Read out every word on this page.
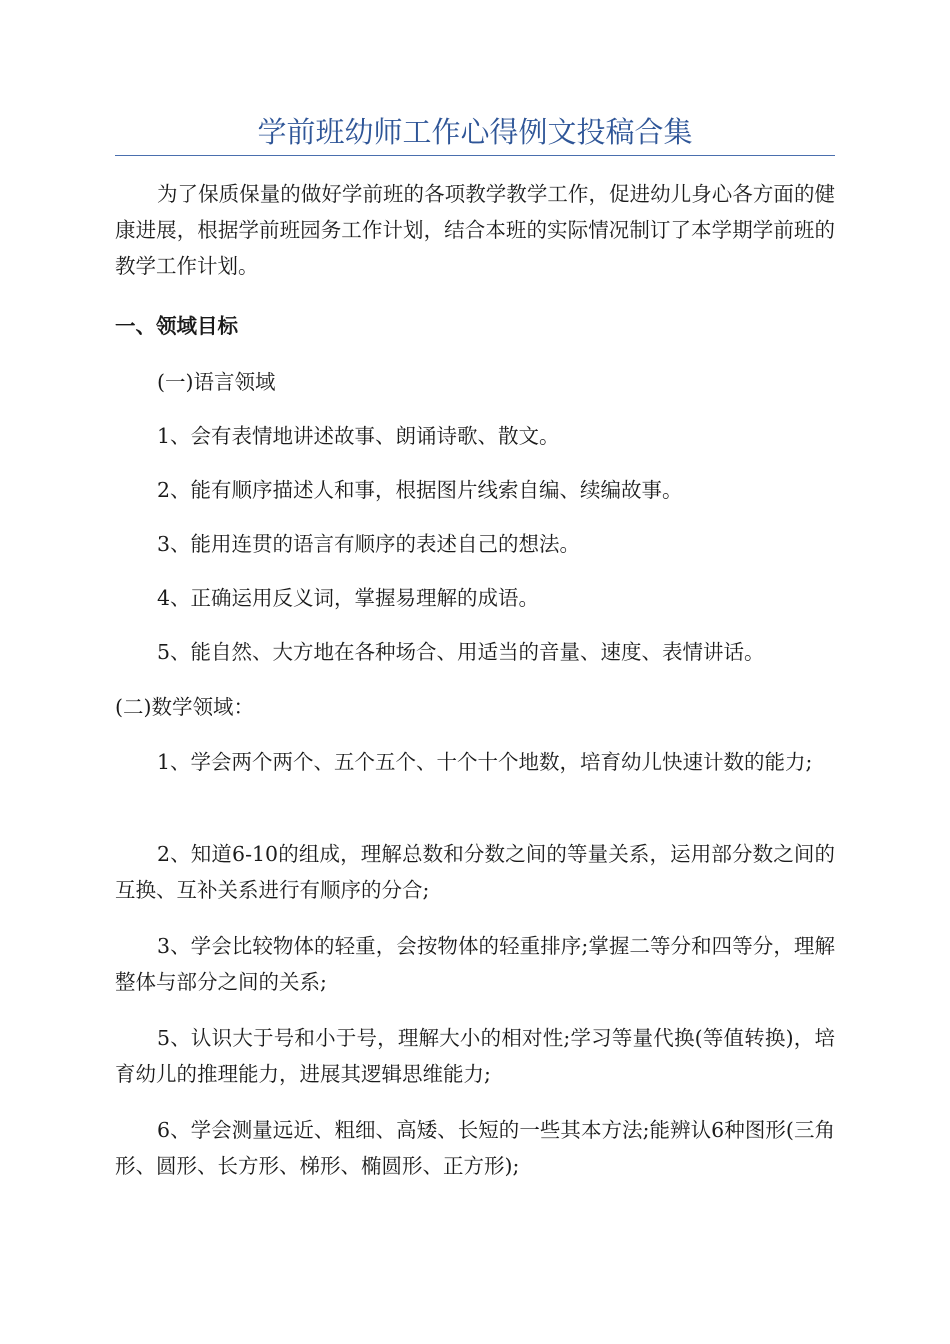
学前班幼师工作心得例文投稿合集

为了保质保量的做好学前班的各项教学教学工作，促进幼儿身心各方面的健康进展，根据学前班园务工作计划，结合本班的实际情况制订了本学期学前班的教学工作计划。

一、领域目标

(一)语言领域

1、会有表情地讲述故事、朗诵诗歌、散文。

2、能有顺序描述人和事，根据图片线索自编、续编故事。

3、能用连贯的语言有顺序的表述自己的想法。

4、正确运用反义词，掌握易理解的成语。

5、能自然、大方地在各种场合、用适当的音量、速度、表情讲话。

(二)数学领域：

1、学会两个两个、五个五个、十个十个地数，培育幼儿快速计数的能力;

2、知道6-10的组成，理解总数和分数之间的等量关系，运用部分数之间的互换、互补关系进行有顺序的分合;

3、学会比较物体的轻重，会按物体的轻重排序;掌握二等分和四等分，理解整体与部分之间的关系;

5、认识大于号和小于号，理解大小的相对性;学习等量代换(等值转换)，培育幼儿的推理能力，进展其逻辑思维能力;

6、学会测量远近、粗细、高矮、长短的一些其本方法;能辨认6种图形(三角形、圆形、长方形、梯形、椭圆形、正方形);
